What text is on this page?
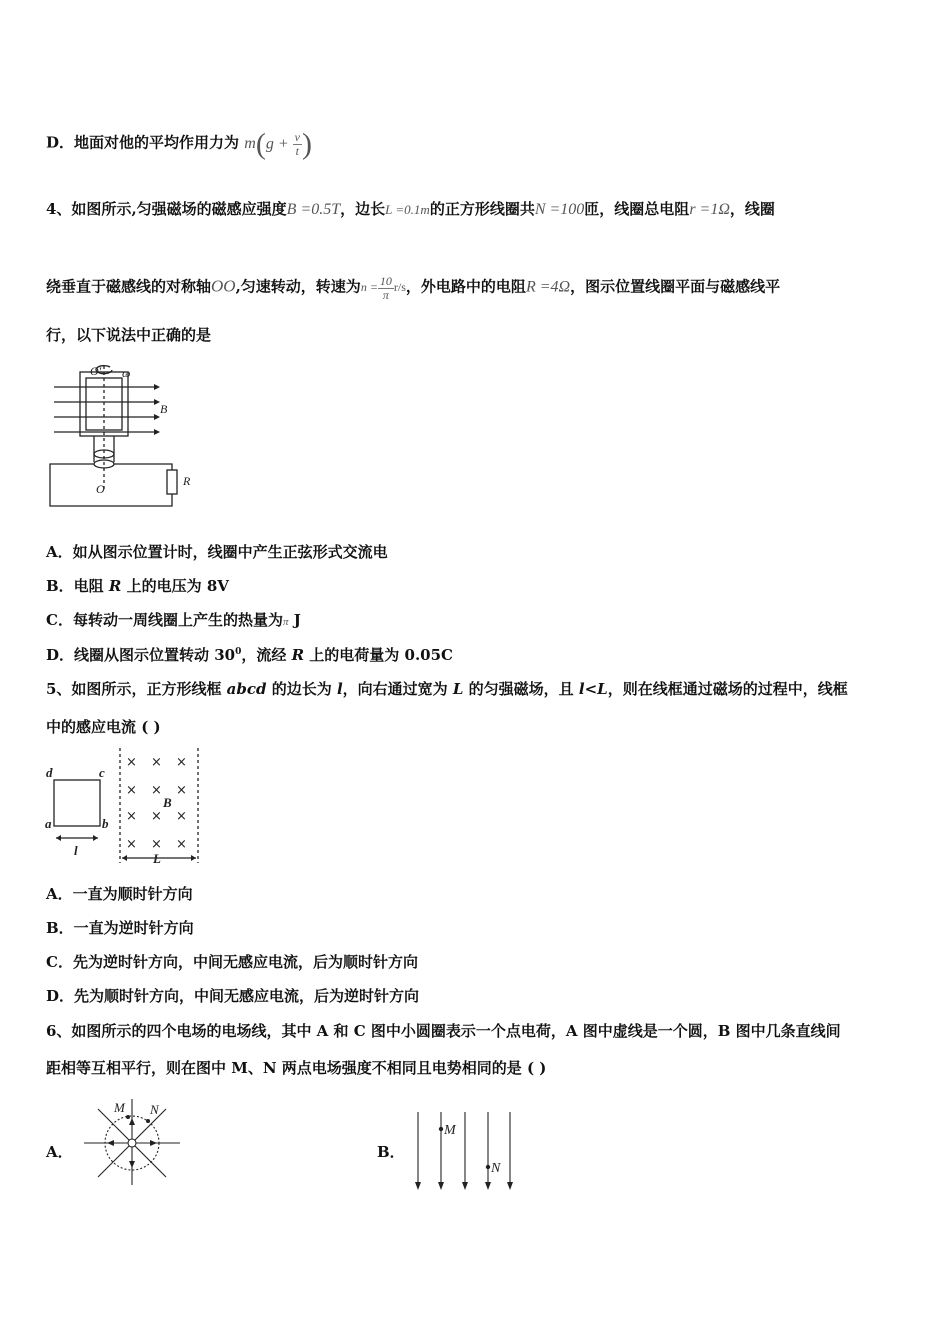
D．地面对他的平均作用力为 $m(g + \frac{v}{t}$ )
4、如图所示,匀强磁场的磁感应强度B =0.5T，边长L =0.1m的正方形线圈共N =100匝，线圈总电阻r =1Ω，线圈
绕垂直于磁感线的对称轴OO,匀速转动，转速为$n = \frac{10}{\pi} r/s$，外电路中的电阻R =4Ω，图示位置线圈平面与磁感线平
行，以下说法中正确的是
O′ ω
B
O
R
A．如从图示位置计时，线圈中产生正弦形式交流电
B．电阻 R 上的电压为 8V
C．每转动一周线圈上产生的热量为π J
D．线圈从图示位置转动 $30^0$，流经 R 上的电荷量为 0.05C
5、如图所示，正方形线框 abcd 的边长为 l，向右通过宽为 L 的匀强磁场，且 l<L，则在线框通过磁场的过程中，线框
中的感应电流 ( )
d	c
a	b
l
B
L
× × ×
× × ×
× × ×
× × ×
A．一直为顺时针方向
B．一直为逆时针方向
C．先为逆时针方向，中间无感应电流，后为顺时针方向
D．先为顺时针方向，中间无感应电流，后为逆时针方向
6、如图所示的四个电场的电场线，其中 A 和 C 图中小圆圈表示一个点电荷，A 图中虚线是一个圆，B 图中几条直线间
距相等互相平行，则在图中 M、N 两点电场强度不相同且电势相同的是 ( )
A．	B．
M N
M
N
